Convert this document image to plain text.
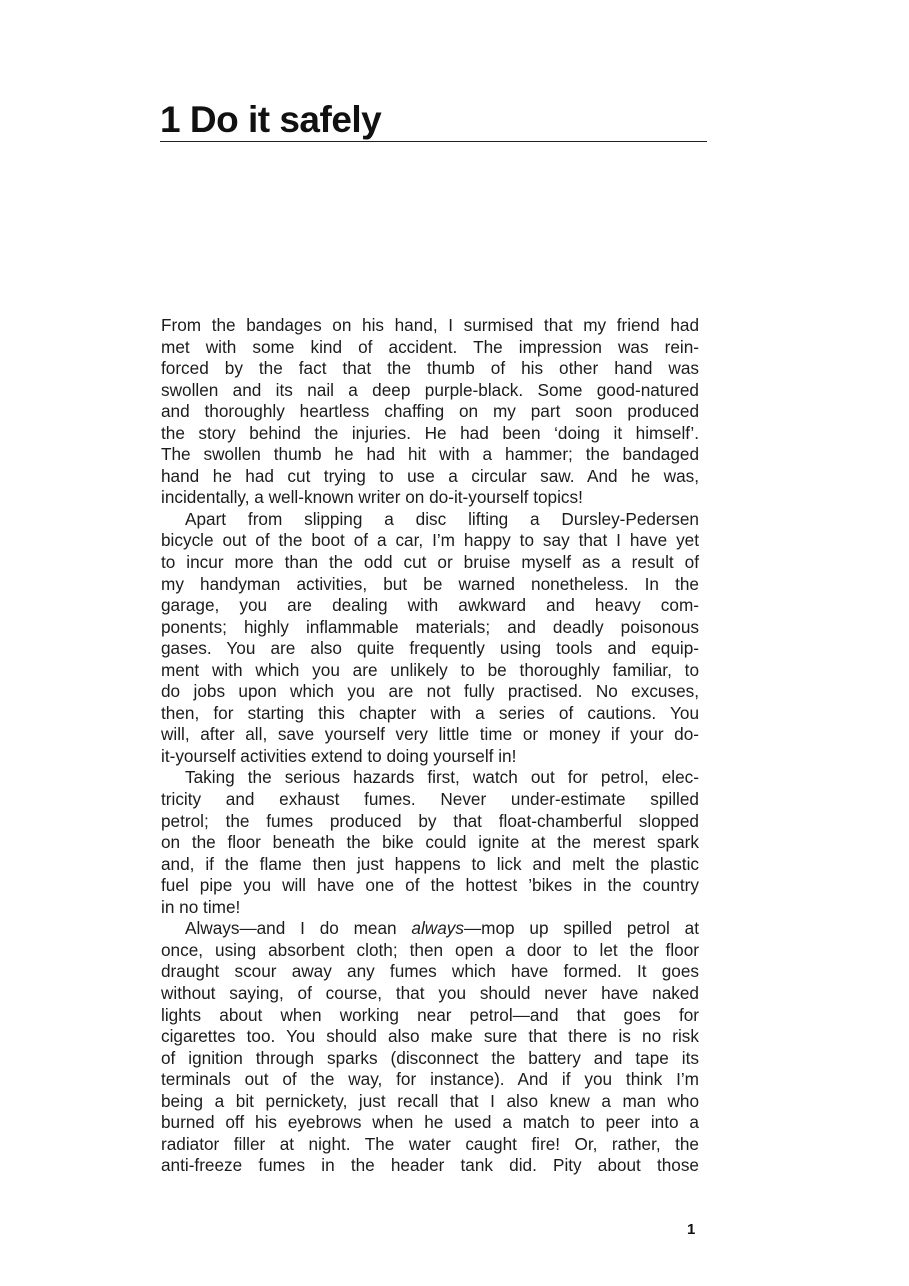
1 Do it safely
From the bandages on his hand, I surmised that my friend had
met with some kind of accident. The impression was rein-
forced by the fact that the thumb of his other hand was
swollen and its nail a deep purple-black. Some good-natured
and thoroughly heartless chaffing on my part soon produced
the story behind the injuries. He had been ‘doing it himself’.
The swollen thumb he had hit with a hammer; the bandaged
hand he had cut trying to use a circular saw. And he was,
incidentally, a well-known writer on do-it-yourself topics!
Apart from slipping a disc lifting a Dursley-Pedersen
bicycle out of the boot of a car, I’m happy to say that I have yet
to incur more than the odd cut or bruise myself as a result of
my handyman activities, but be warned nonetheless. In the
garage, you are dealing with awkward and heavy com-
ponents; highly inflammable materials; and deadly poisonous
gases. You are also quite frequently using tools and equip-
ment with which you are unlikely to be thoroughly familiar, to
do jobs upon which you are not fully practised. No excuses,
then, for starting this chapter with a series of cautions. You
will, after all, save yourself very little time or money if your do-
it-yourself activities extend to doing yourself in!
Taking the serious hazards first, watch out for petrol, elec-
tricity and exhaust fumes. Never under-estimate spilled
petrol; the fumes produced by that float-chamberful slopped
on the floor beneath the bike could ignite at the merest spark
and, if the flame then just happens to lick and melt the plastic
fuel pipe you will have one of the hottest ’bikes in the country
in no time!
Always—and I do mean always—mop up spilled petrol at
once, using absorbent cloth; then open a door to let the floor
draught scour away any fumes which have formed. It goes
without saying, of course, that you should never have naked
lights about when working near petrol—and that goes for
cigarettes too. You should also make sure that there is no risk
of ignition through sparks (disconnect the battery and tape its
terminals out of the way, for instance). And if you think I’m
being a bit pernickety, just recall that I also knew a man who
burned off his eyebrows when he used a match to peer into a
radiator filler at night. The water caught fire! Or, rather, the
anti-freeze fumes in the header tank did. Pity about those
1
